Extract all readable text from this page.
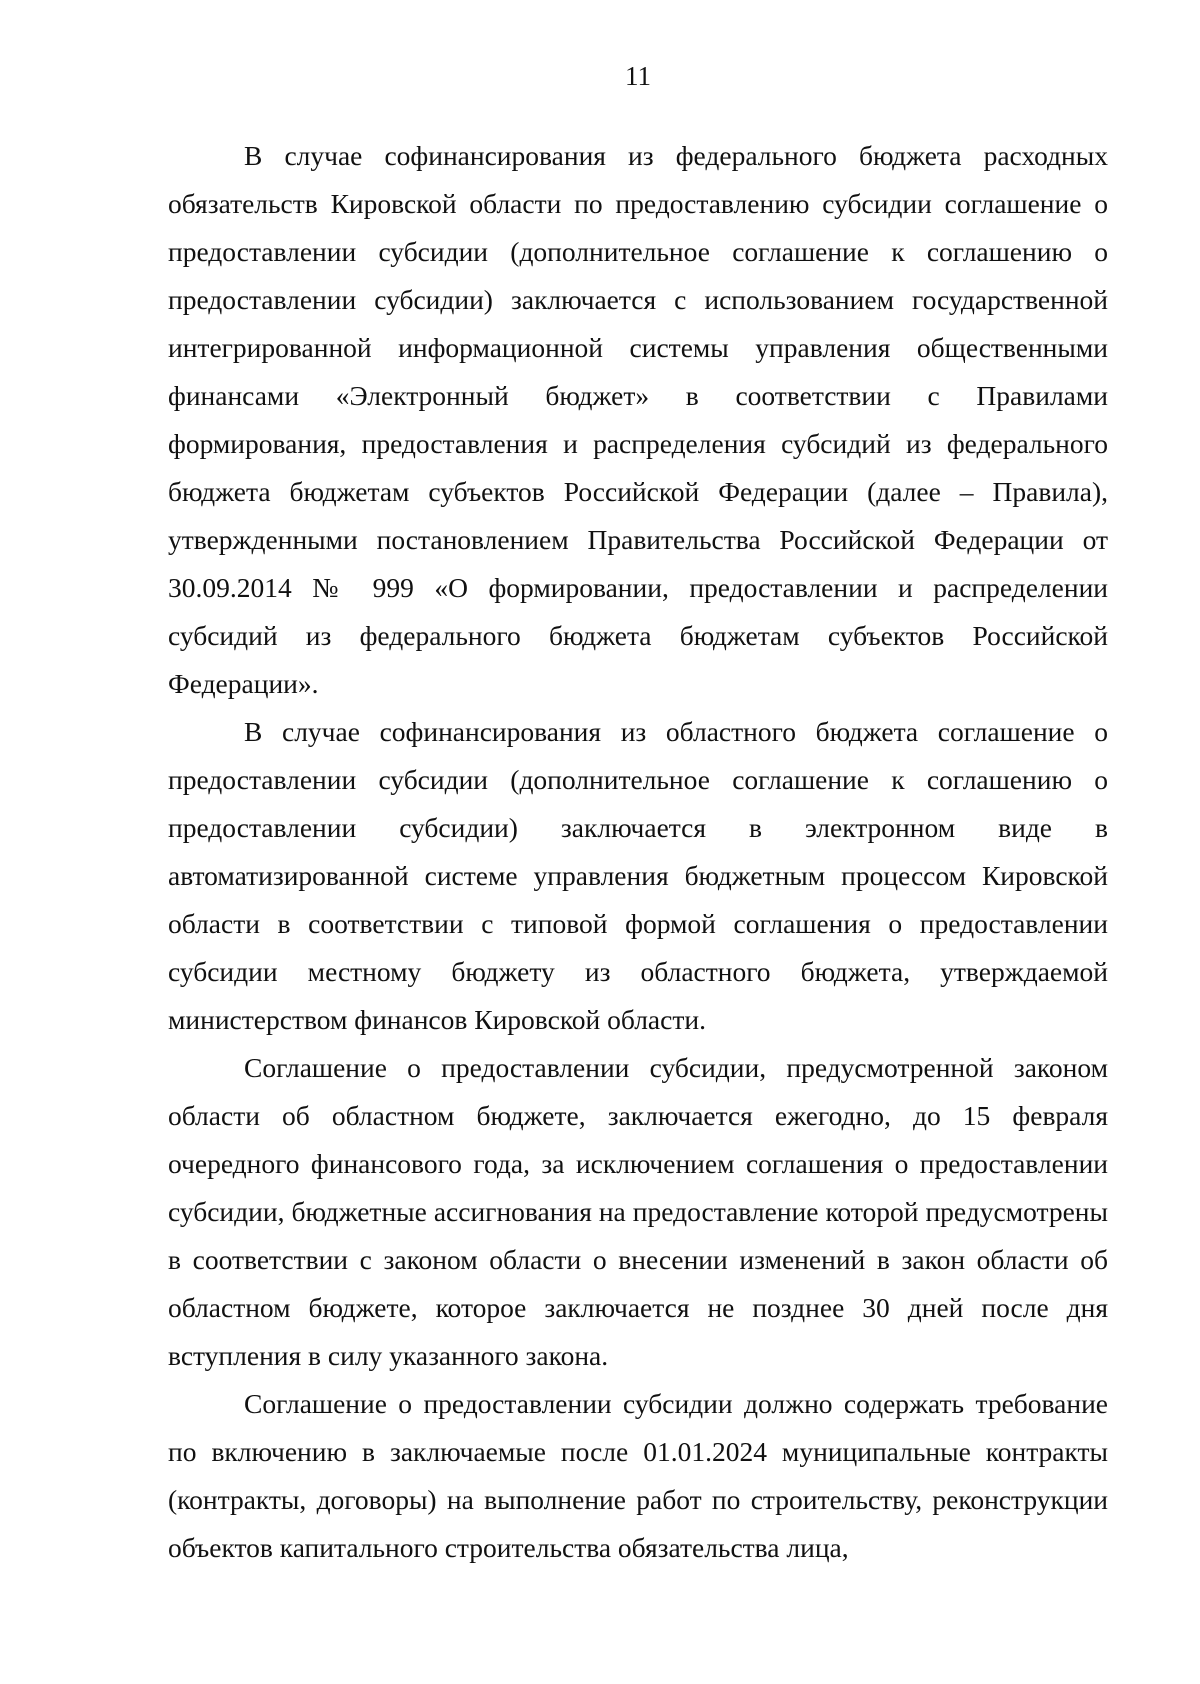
11

В случае софинансирования из федерального бюджета расходных обязательств Кировской области по предоставлению субсидии соглашение о предоставлении субсидии (дополнительное соглашение к соглашению о предоставлении субсидии) заключается с использованием государственной интегрированной информационной системы управления общественными финансами «Электронный бюджет» в соответствии с Правилами формирования, предоставления и распределения субсидий из федерального бюджета бюджетам субъектов Российской Федерации (далее – Правила), утвержденными постановлением Правительства Российской Федерации от 30.09.2014 № 999 «О формировании, предоставлении и распределении субсидий из федерального бюджета бюджетам субъектов Российской Федерации».

В случае софинансирования из областного бюджета соглашение о предоставлении субсидии (дополнительное соглашение к соглашению о предоставлении субсидии) заключается в электронном виде в автоматизированной системе управления бюджетным процессом Кировской области в соответствии с типовой формой соглашения о предоставлении субсидии местному бюджету из областного бюджета, утверждаемой министерством финансов Кировской области.

Соглашение о предоставлении субсидии, предусмотренной законом области об областном бюджете, заключается ежегодно, до 15 февраля очередного финансового года, за исключением соглашения о предоставлении субсидии, бюджетные ассигнования на предоставление которой предусмотрены в соответствии с законом области о внесении изменений в закон области об областном бюджете, которое заключается не позднее 30 дней после дня вступления в силу указанного закона.

Соглашение о предоставлении субсидии должно содержать требование по включению в заключаемые после 01.01.2024 муниципальные контракты (контракты, договоры) на выполнение работ по строительству, реконструкции объектов капитального строительства обязательства лица,
